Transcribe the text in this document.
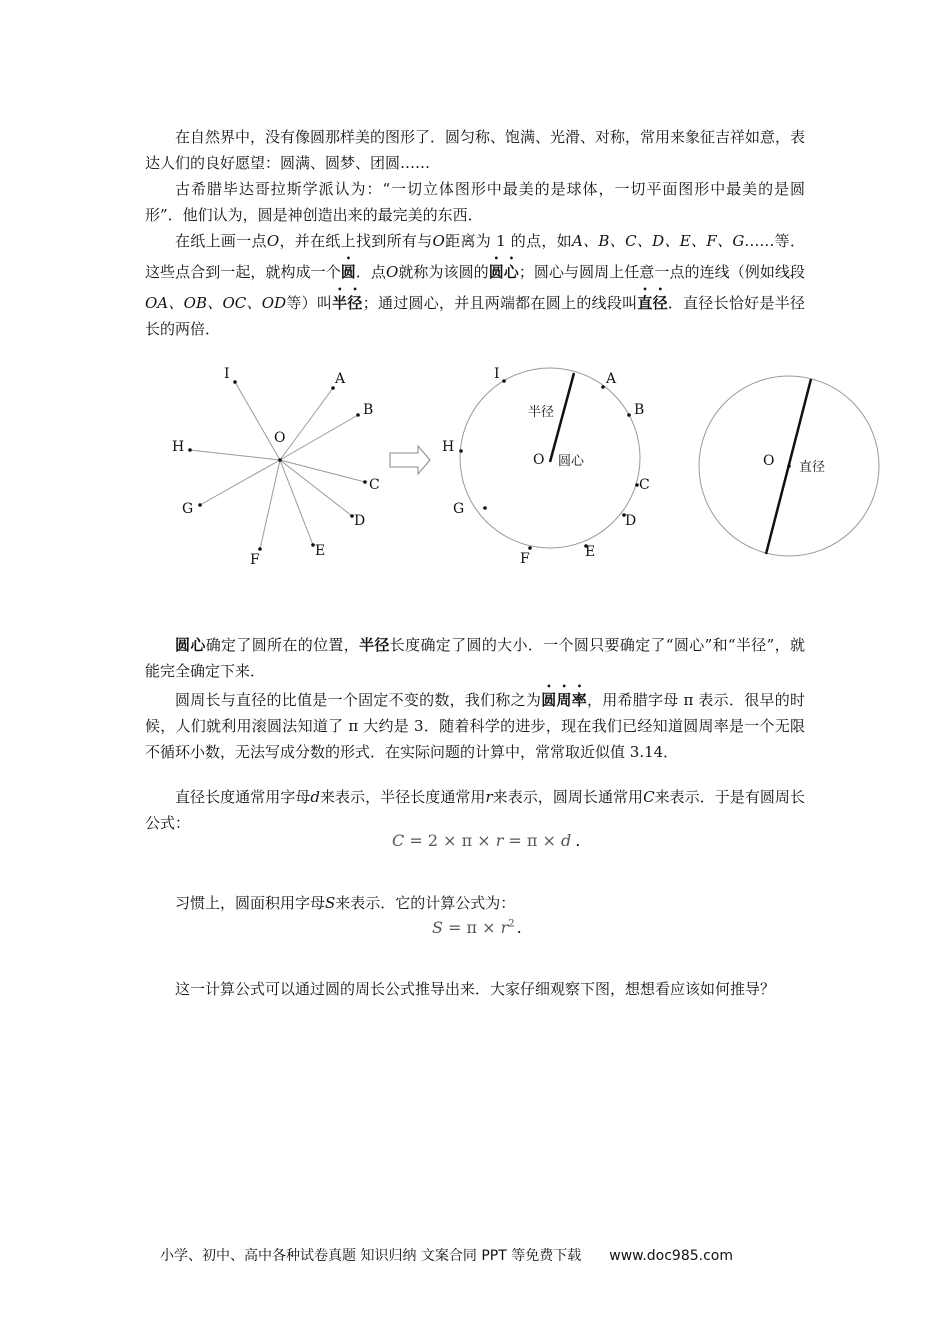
在自然界中，没有像圆那样美的图形了．圆匀称、饱满、光滑、对称，常用来象征吉祥如意，表达人们的良好愿望：圆满、圆梦、团圆……

古希腊毕达哥拉斯学派认为：“一切立体图形中最美的是球体，一切平面图形中最美的是圆形”．他们认为，圆是神创造出来的最完美的东西．

在纸上画一点O，并在纸上找到所有与O距离为 1 的点，如A、B、C、D、E、F、G……等．这些点合到一起，就构成一个圆．点O就称为该圆的圆心；圆心与圆周上任意一点的连线（例如线段OA、OB、OC、OD等）叫半径；通过圆心，并且两端都在圆上的线段叫直径．直径长恰好是半径长的两倍．

I	A
B
O
H
C
G
D
E
F
I	A
B
半径
H
O 圆心
C
G
D
E
F
O 直径

圆心确定了圆所在的位置，半径长度确定了圆的大小．一个圆只要确定了“圆心”和“半径”，就能完全确定下来．

圆周长与直径的比值是一个固定不变的数，我们称之为圆周率，用希腊字母 π 表示．很早的时候，人们就利用滚圆法知道了 π 大约是 3．随着科学的进步，现在我们已经知道圆周率是一个无限不循环小数，无法写成分数的形式．在实际问题的计算中，常常取近似值 3.14．

直径长度通常用字母d来表示，半径长度通常用r来表示，圆周长通常用C来表示．于是有圆周长公式：

C = 2 × π × r = π × d .

习惯上，圆面积用字母S来表示．它的计算公式为：

$S = \pi \times r^2$ .

这一计算公式可以通过圆的周长公式推导出来．大家仔细观察下图，想想看应该如何推导？

小学、初中、高中各种试卷真题 知识归纳 文案合同 PPT 等免费下载 www.doc985.com
